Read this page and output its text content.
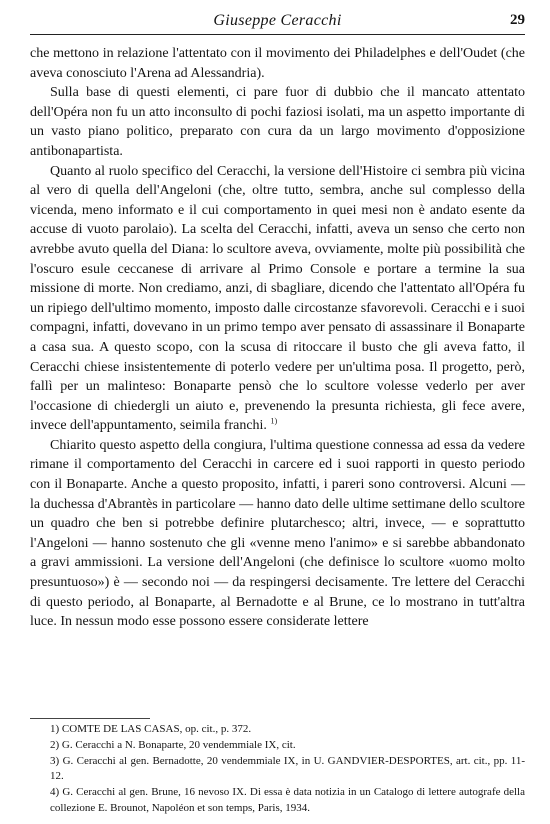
Giuseppe Ceracchi	29

che mettono in relazione l'attentato con il movimento dei Philadelphes e dell'Oudet (che aveva conosciuto l'Arena ad Alessandria).

Sulla base di questi elementi, ci pare fuor di dubbio che il mancato attentato dell'Opéra non fu un atto inconsulto di pochi faziosi isolati, ma un aspetto importante di un vasto piano politico, preparato con cura da un largo movimento d'opposizione antibonapartista.

Quanto al ruolo specifico del Ceracchi, la versione dell'Histoire ci sembra più vicina al vero di quella dell'Angeloni (che, oltre tutto, sembra, anche sul complesso della vicenda, meno informato e il cui comportamento in quei mesi non è andato esente da accuse di vuoto parolaio). La scelta del Ceracchi, infatti, aveva un senso che certo non avrebbe avuto quella del Diana: lo scultore aveva, ovviamente, molte più possibilità che l'oscuro esule ceccanese di arrivare al Primo Console e portare a termine la sua missione di morte. Non crediamo, anzi, di sbagliare, dicendo che l'attentato all'Opéra fu un ripiego dell'ultimo momento, imposto dalle circostanze sfavorevoli. Ceracchi e i suoi compagni, infatti, dovevano in un primo tempo aver pensato di assassinare il Bonaparte a casa sua. A questo scopo, con la scusa di ritoccare il busto che gli aveva fatto, il Ceracchi chiese insistentemente di poterlo vedere per un'ultima posa. Il progetto, però, fallì per un malinteso: Bonaparte pensò che lo scultore volesse vederlo per aver l'occasione di chiedergli un aiuto e, prevenendo la presunta richiesta, gli fece avere, invece dell'appuntamento, seimila franchi. $^{1)}$

Chiarito questo aspetto della congiura, l'ultima questione connessa ad essa da vedere rimane il comportamento del Ceracchi in carcere ed i suoi rapporti in questo periodo con il Bonaparte. Anche a questo proposito, infatti, i pareri sono controversi. Alcuni — la duchessa d'Abrantès in particolare — hanno dato delle ultime settimane dello scultore un quadro che ben si potrebbe definire plutarchesco; altri, invece, — e soprattutto l'Angeloni — hanno sostenuto che gli «venne meno l'animo» e si sarebbe abbandonato a gravi ammissioni. La versione dell'Angeloni (che definisce lo scultore «uomo molto presuntuoso») è — secondo noi — da respingersi decisamente. Tre lettere del Ceracchi di questo periodo, al Bonaparte, al Bernadotte e al Brune, ce lo mostrano in tutt'altra luce. In nessun modo esse possono essere considerate lettere

1) COMTE DE LAS CASAS, op. cit., p. 372.

2) G. Ceracchi a N. Bonaparte, 20 vendemmiale IX, cit.

3) G. Ceracchi al gen. Bernadotte, 20 vendemmiale IX, in U. GANDVIER-DESPORTES, art. cit., pp. 11-12.

4) G. Ceracchi al gen. Brune, 16 nevoso IX. Di essa è data notizia in un Catalogo di lettere autografe della collezione E. Brounot, Napoléon et son temps, Paris, 1934.
